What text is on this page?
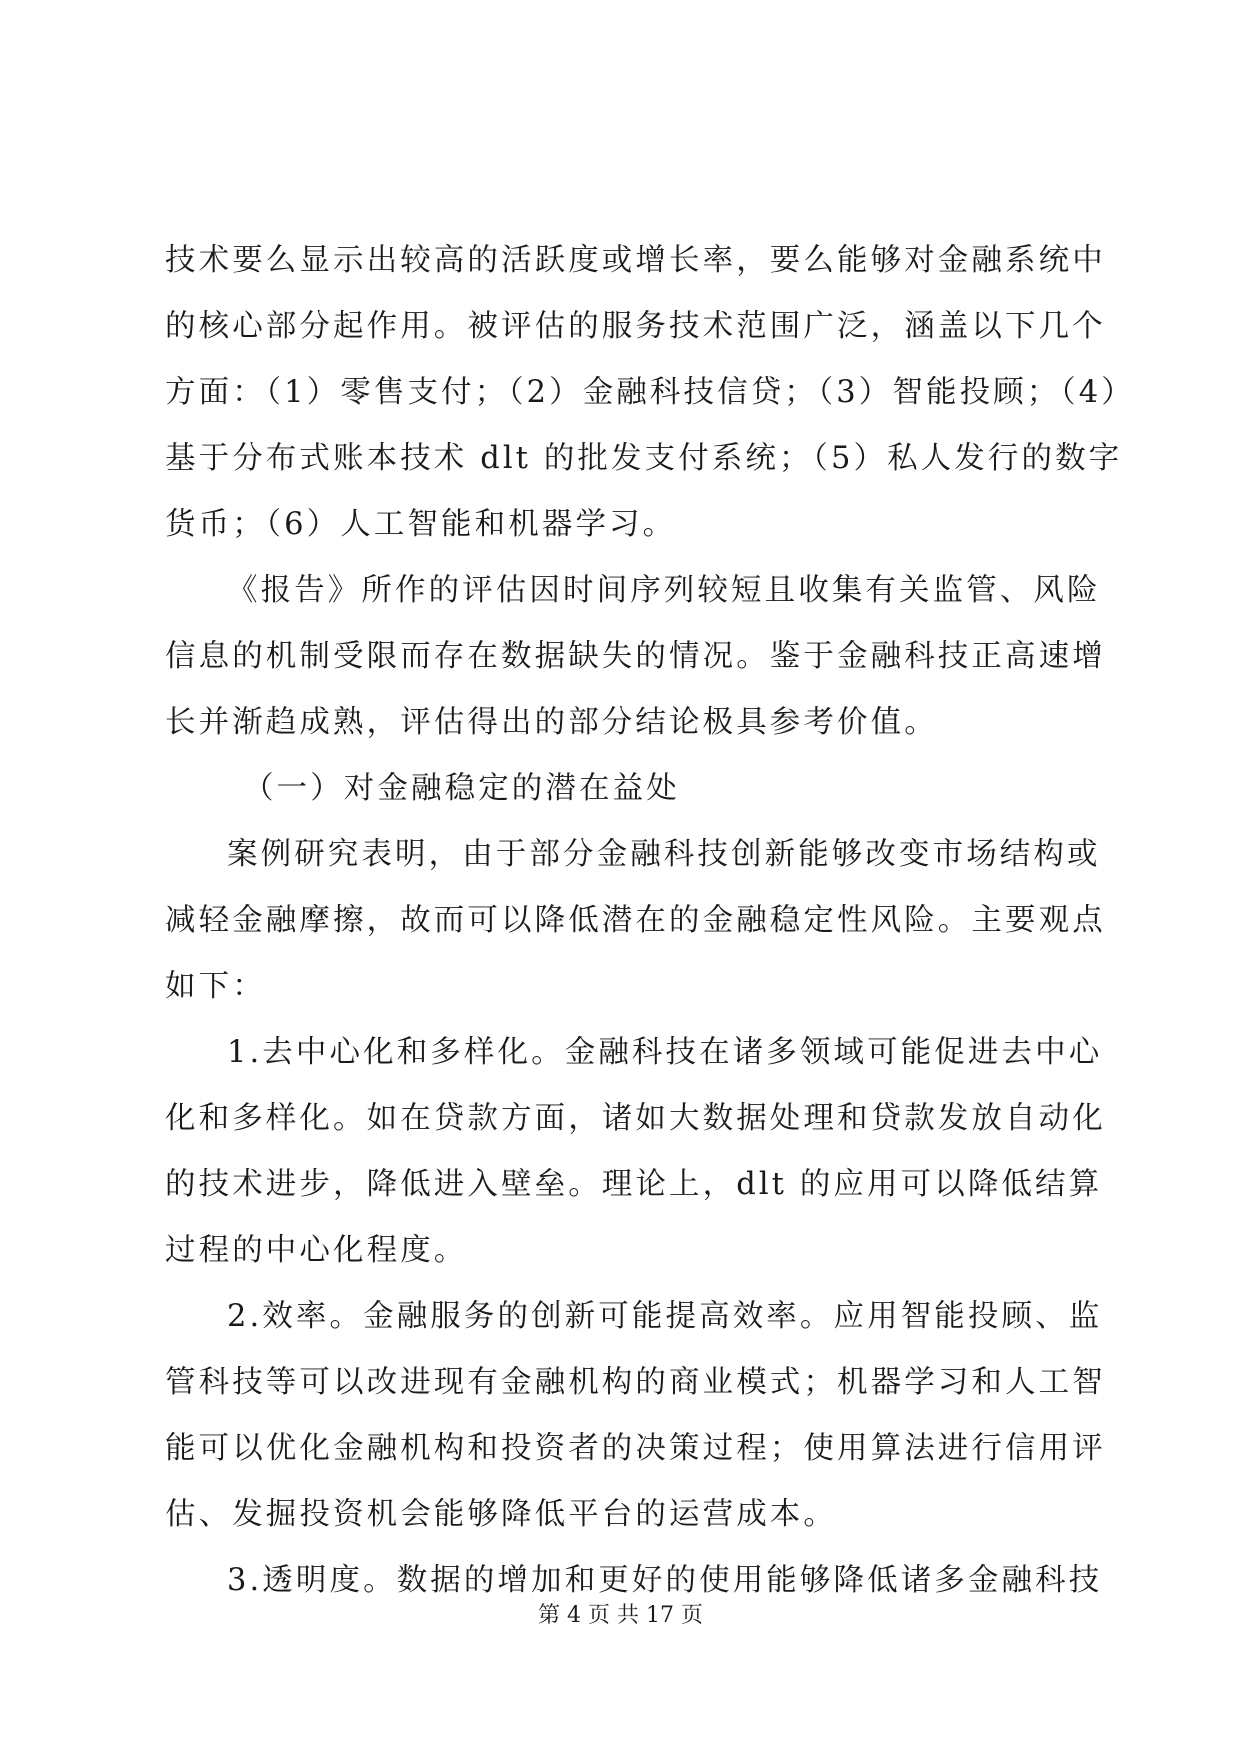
技术要么显示出较高的活跃度或增长率，要么能够对金融系统中
的核心部分起作用。被评估的服务技术范围广泛，涵盖以下几个
方面：（1）零售支付；（2）金融科技信贷；（3）智能投顾；（4）
基于分布式账本技术 dlt 的批发支付系统；（5）私人发行的数字
货币；（6）人工智能和机器学习。
《报告》所作的评估因时间序列较短且收集有关监管、风险
信息的机制受限而存在数据缺失的情况。鉴于金融科技正高速增
长并渐趋成熟，评估得出的部分结论极具参考价值。
（一）对金融稳定的潜在益处
案例研究表明，由于部分金融科技创新能够改变市场结构或
减轻金融摩擦，故而可以降低潜在的金融稳定性风险。主要观点
如下：
1.去中心化和多样化。金融科技在诸多领域可能促进去中心
化和多样化。如在贷款方面，诸如大数据处理和贷款发放自动化
的技术进步，降低进入壁垒。理论上，dlt 的应用可以降低结算
过程的中心化程度。
2.效率。金融服务的创新可能提高效率。应用智能投顾、监
管科技等可以改进现有金融机构的商业模式；机器学习和人工智
能可以优化金融机构和投资者的决策过程；使用算法进行信用评
估、发掘投资机会能够降低平台的运营成本。
3.透明度。数据的增加和更好的使用能够降低诸多金融科技
第 4 页 共 17 页
